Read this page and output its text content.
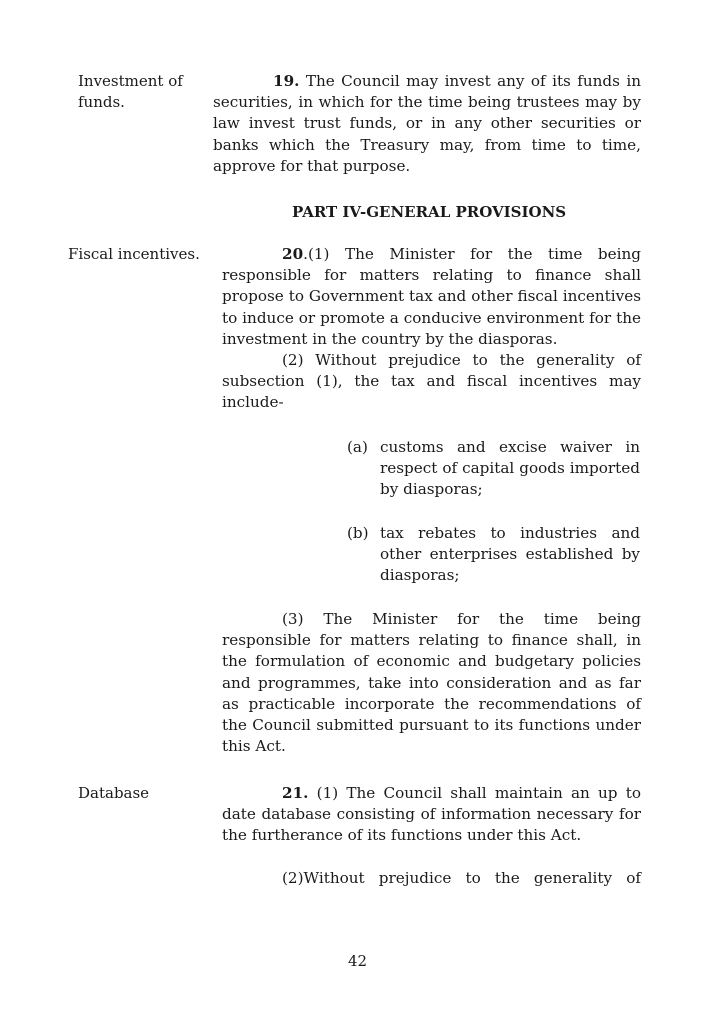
Investment of
funds.

19. The Council may invest any of its funds in securities, in which for the time being trustees may by law invest trust funds, or in any other securities or banks which the Treasury may, from time to time, approve for that purpose.

PART IV-GENERAL PROVISIONS
Fiscal incentives.	20.(1) The Minister for the time being responsible for matters relating to finance shall propose to Government tax and other fiscal incentives to induce or promote a conducive environment for the investment in the country by the diasporas.

(2) Without prejudice to the generality of subsection (1), the tax and fiscal incentives may include-

(a) customs and excise waiver in respect of capital goods imported by diasporas;
(b) tax rebates to industries and other enterprises established by diasporas;

(3) The Minister for the time being responsible for matters relating to finance shall, in the formulation of economic and budgetary policies and programmes, take into consideration and as far as practicable incorporate the recommendations of the Council submitted pursuant to its functions under this Act.

Database	21. (1) The Council shall maintain an up to date database consisting of information necessary for the furtherance of its functions under this Act.

(2)Without prejudice to the generality of

42
